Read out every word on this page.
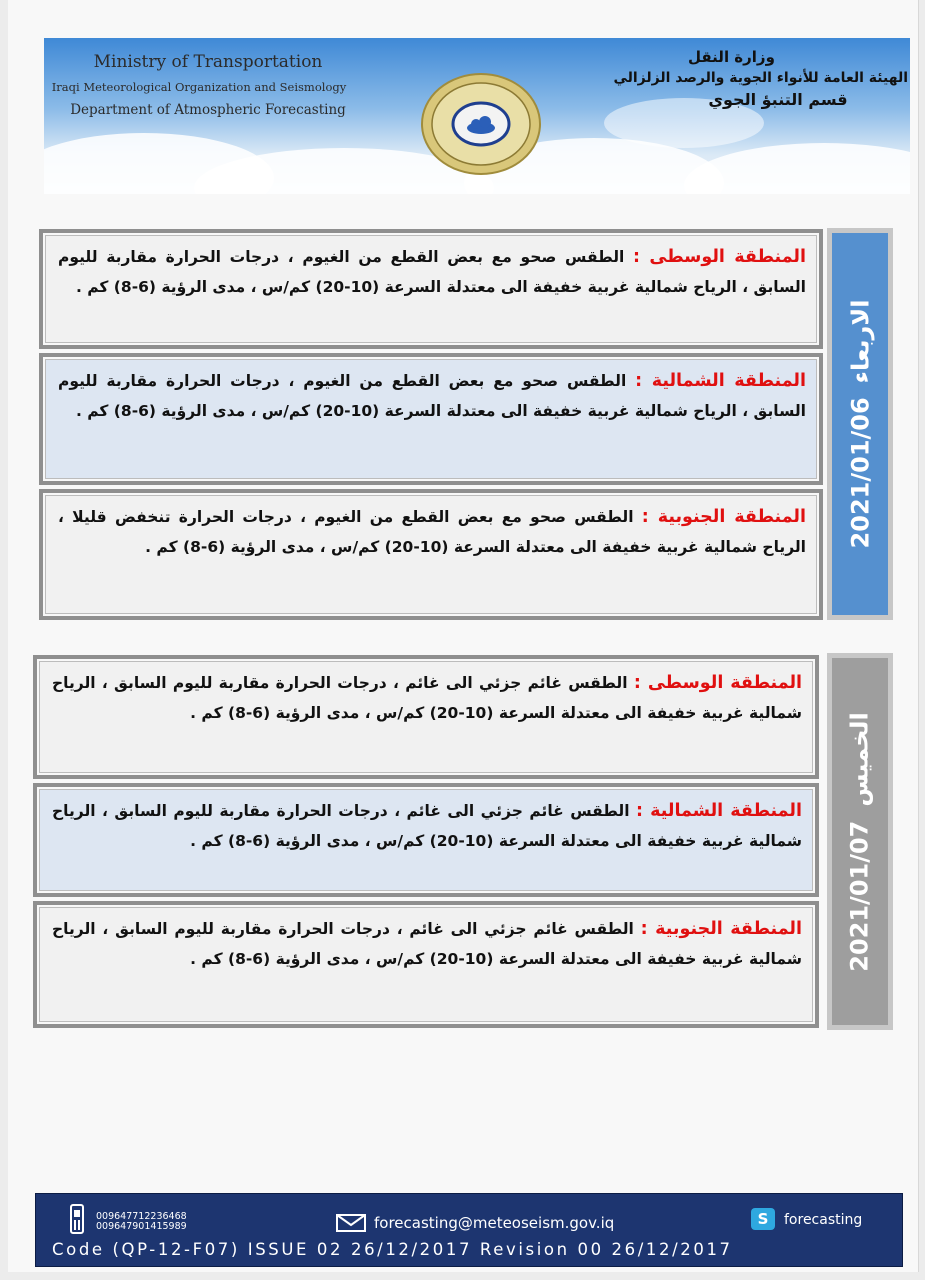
Ministry of Transportation
Iraqi Meteorological Organization and Seismology
Department of Atmospheric Forecasting
وزارة النقل
الهيئة العامة للأنواء الجوية والرصد الزلزالي
قسم التنبؤ الجوي
2021/01/06
الاربعاء
المنطقة الوسطى : الطقس صحو مع بعض القطع من الغيوم ، درجات الحرارة مقاربة لليوم السابق ، الرياح شمالية غربية خفيفة الى معتدلة السرعة (10-20) كم/س ، مدى الرؤية (6-8) كم .
المنطقة الشمالية : الطقس صحو مع بعض القطع من الغيوم ، درجات الحرارة مقاربة لليوم السابق ، الرياح شمالية غربية خفيفة الى معتدلة السرعة (10-20) كم/س ، مدى الرؤية (6-8) كم .
المنطقة الجنوبية : الطقس صحو مع بعض القطع من الغيوم ، درجات الحرارة تنخفض قليلا ، الرياح شمالية غربية خفيفة الى معتدلة السرعة (10-20) كم/س ، مدى الرؤية (6-8) كم .
2021/01/07
الخميس
المنطقة الوسطى : الطقس غائم جزئي الى غائم ، درجات الحرارة مقاربة لليوم السابق ، الرياح شمالية غربية خفيفة الى معتدلة السرعة (10-20) كم/س ، مدى الرؤية (6-8) كم .
المنطقة الشمالية : الطقس غائم جزئي الى غائم ، درجات الحرارة مقاربة لليوم السابق ، الرياح شمالية غربية خفيفة الى معتدلة السرعة (10-20) كم/س ، مدى الرؤية (6-8) كم .
المنطقة الجنوبية : الطقس غائم جزئي الى غائم ، درجات الحرارة مقاربة لليوم السابق ، الرياح شمالية غربية خفيفة الى معتدلة السرعة (10-20) كم/س ، مدى الرؤية (6-8) كم .
009647712236468
009647901415989	forecasting@meteoseism.gov.iq	S	forecasting
Code (QP-12-F07) ISSUE 02 26/12/2017 Revision 00 26/12/2017
